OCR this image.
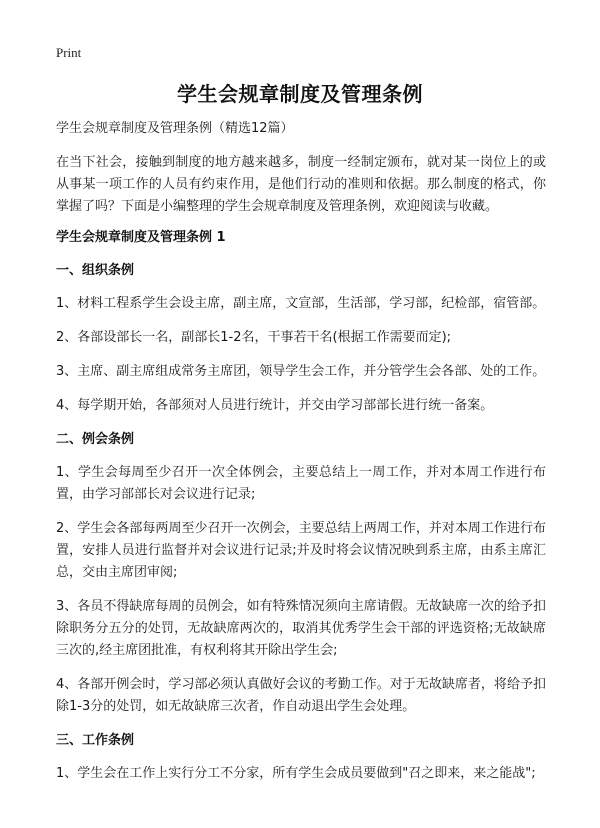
Print
学生会规章制度及管理条例

学生会规章制度及管理条例（精选12篇）

在当下社会，接触到制度的地方越来越多，制度一经制定颁布，就对某一岗位上的或从事某一项工作的人员有约束作用，是他们行动的准则和依据。那么制度的格式，你掌握了吗？下面是小编整理的学生会规章制度及管理条例，欢迎阅读与收藏。

学生会规章制度及管理条例 1
一、组织条例

1、材料工程系学生会设主席，副主席，文宣部，生活部，学习部，纪检部，宿管部。

2、各部设部长一名，副部长1-2名，干事若干名(根据工作需要而定);

3、主席、副主席组成常务主席团，领导学生会工作，并分管学生会各部、处的工作。

4、每学期开始，各部须对人员进行统计，并交由学习部部长进行统一备案。

二、例会条例

1、学生会每周至少召开一次全体例会，主要总结上一周工作，并对本周工作进行布置，由学习部部长对会议进行记录;

2、学生会各部每两周至少召开一次例会，主要总结上两周工作，并对本周工作进行布置，安排人员进行监督并对会议进行记录;并及时将会议情况映到系主席，由系主席汇总，交由主席团审阅;

3、各员不得缺席每周的员例会，如有特殊情况须向主席请假。无故缺席一次的给予扣除职务分五分的处罚，无故缺席两次的，取消其优秀学生会干部的评选资格;无故缺席三次的,经主席团批准，有权利将其开除出学生会;

4、各部开例会时，学习部必须认真做好会议的考勤工作。对于无故缺席者，将给予扣除1-3分的处罚，如无故缺席三次者，作自动退出学生会处理。

三、工作条例

1、学生会在工作上实行分工不分家，所有学生会成员要做到"召之即来，来之能战";
